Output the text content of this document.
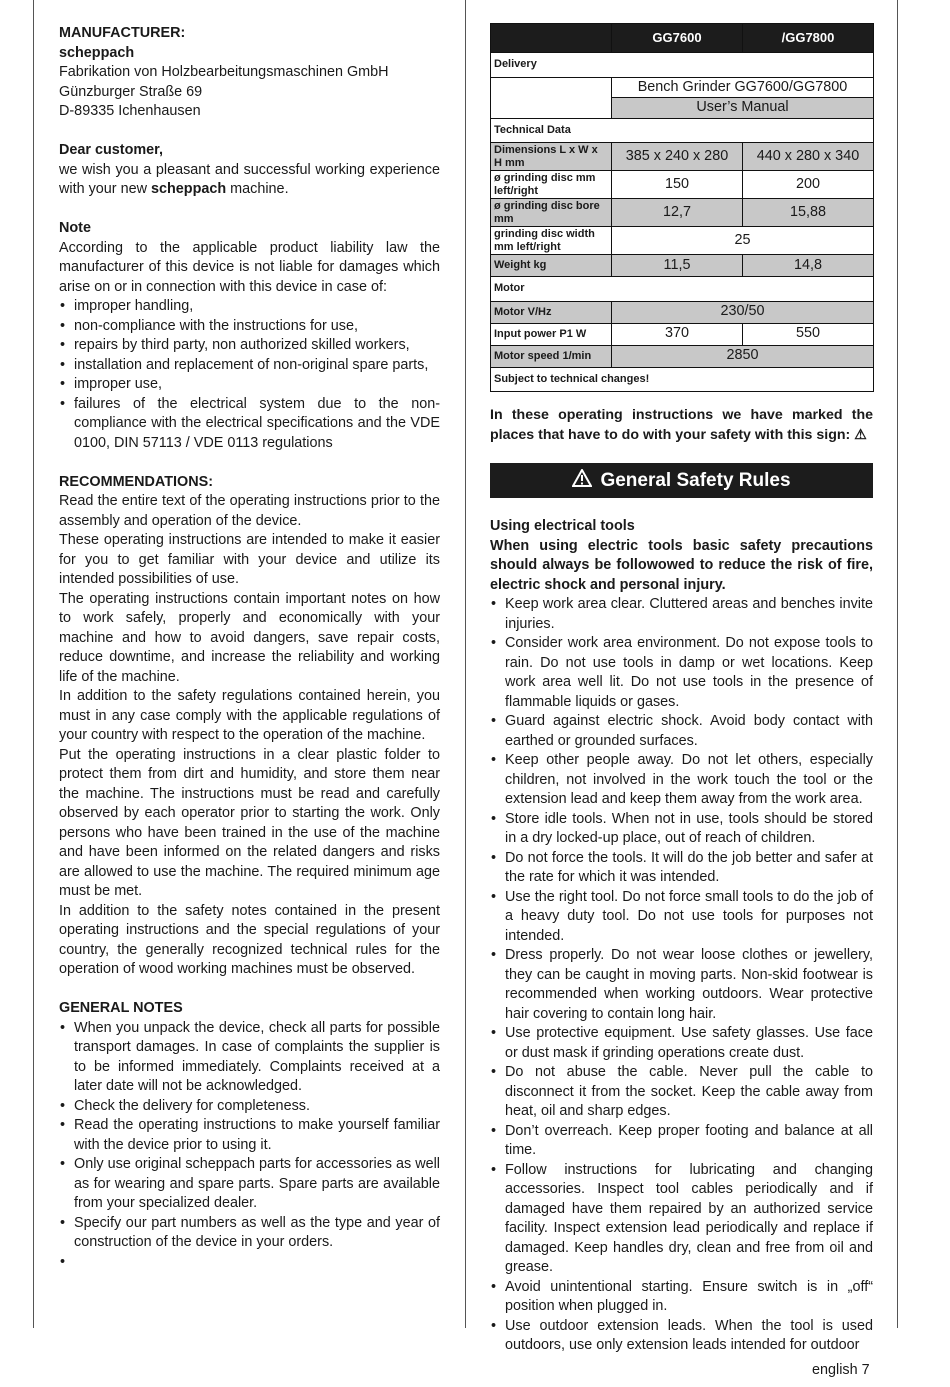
MANUFACTURER:

scheppach

Fabrikation von Holzbearbeitungsmaschinen GmbH

Günzburger Straße 69

D-89335 Ichenhausen

Dear customer,

we wish you a pleasant and successful working experience with your new scheppach machine.

Note

According to the applicable product liability law the manufacturer of this device is not liable for damages which arise on or in connection with this device in case of:

• improper handling,
• non-compliance with the instructions for use,
• repairs by third party, non authorized skilled workers,
• installation and replacement of non-original spare parts,
• improper use,
• failures of the electrical system due to the non-compliance with the electrical specifications and the VDE 0100, DIN 57113 / VDE 0113 regulations

RECOMMENDATIONS:

Read the entire text of the operating instructions prior to the assembly and operation of the device.

These operating instructions are intended to make it easier for you to get familiar with your device and utilize its intended possibilities of use.

The operating instructions contain important notes on how to work safely, properly and economically with your machine and how to avoid dangers, save repair costs, reduce downtime, and increase the reliability and working life of the machine.

In addition to the safety regulations contained herein, you must in any case comply with the applicable regulations of your country with respect to the operation of the machine.

Put the operating instructions in a clear plastic folder to protect them from dirt and humidity, and store them near the machine. The instructions must be read and carefully observed by each operator prior to starting the work. Only persons who have been trained in the use of the machine and have been informed on the related dangers and risks are allowed to use the machine. The required minimum age must be met.

In addition to the safety notes contained in the present operating instructions and the special regulations of your country, the generally recognized technical rules for the operation of wood working machines must be observed.

GENERAL NOTES

• When you unpack the device, check all parts for possible transport damages. In case of complaints the supplier is to be informed immediately. Complaints received at a later date will not be acknowledged.
• Check the delivery for completeness.
• Read the operating instructions to make yourself familiar with the device prior to using it.
• Only use original scheppach parts for accessories as well as for wearing and spare parts. Spare parts are available from your specialized dealer.
• Specify our part numbers as well as the type and year of construction of the device in your orders.
•
	GG7600	/GG7800
Delivery		
	Bench Grinder GG7600/GG7800	
	User’s Manual	
Technical Data		
Dimensions L x W x H mm	385 x 240 x 280	440 x 280 x 340
ø grinding disc mm left/right	150	200
ø grinding disc bore mm	12,7	15,88
grinding disc width mm left/right	25	
Weight kg	11,5	14,8
Motor		
Motor V/Hz	230/50	
Input power P1 W	370	550
Motor speed 1/min	2850	
Subject to technical changes!		

In these operating instructions we have marked the places that have to do with your safety with this sign: ⚠

General Safety Rules

Using electrical tools

When using electric tools basic safety precautions should always be followowed to reduce the risk of fire, electric shock and personal injury.

• Keep work area clear. Cluttered areas and benches invite injuries.
• Consider work area environment. Do not expose tools to rain. Do not use tools in damp or wet locations. Keep work area well lit. Do not use tools in the presence of flammable liquids or gases.
• Guard against electric shock. Avoid body contact with earthed or grounded surfaces.
• Keep other people away. Do not let others, especially children, not involved in the work touch the tool or the extension lead and keep them away from the work area.
• Store idle tools. When not in use, tools should be stored in a dry locked-up place, out of reach of children.
• Do not force the tools. It will do the job better and safer at the rate for which it was intended.
• Use the right tool. Do not force small tools to do the job of a heavy duty tool. Do not use tools for purposes not intended.
• Dress properly. Do not wear loose clothes or jewellery, they can be caught in moving parts. Non-skid footwear is recommended when working outdoors. Wear protective hair covering to contain long hair.
• Use protective equipment. Use safety glasses. Use face or dust mask if grinding operations create dust.
• Do not abuse the cable. Never pull the cable to disconnect it from the socket. Keep the cable away from heat, oil and sharp edges.
• Don’t overreach. Keep proper footing and balance at all time.
• Follow instructions for lubricating and changing accessories. Inspect tool cables periodically and if damaged have them repaired by an authorized service facility. Inspect extension lead periodically and replace if damaged. Keep handles dry, clean and free from oil and grease.
• Avoid unintentional starting. Ensure switch is in „off“ position when plugged in.
• Use outdoor extension leads. When the tool is used outdoors, use only extension leads intended for outdoor
english 7
